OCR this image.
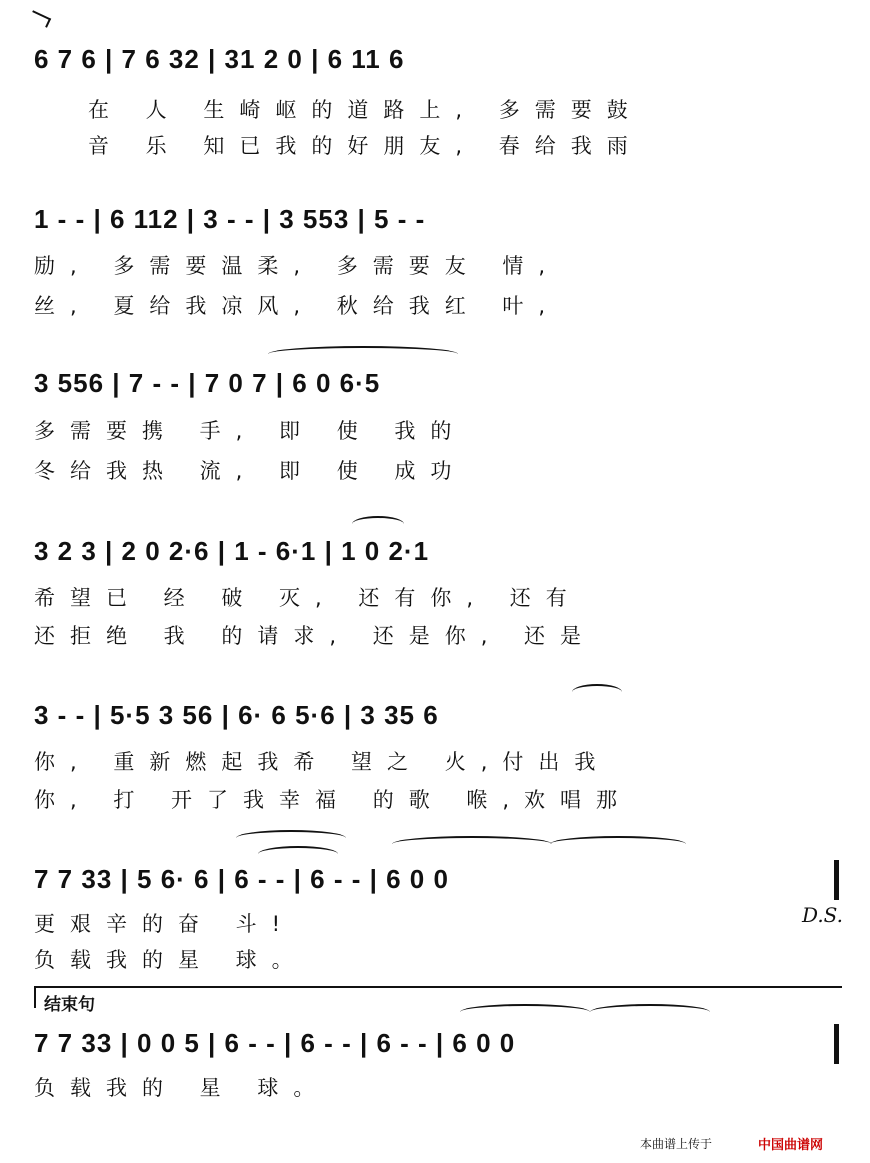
6 7 6 | 7 6 32 | 31 2 0 | 6 11 6
在 人 生崎岖的道路上, 多需要鼓
音 乐 知已我的好朋友, 春给我雨
1 - - | 6 112 | 3 - - | 3 553 | 5 - -
励, 多需要温柔, 多需要友 情,
丝, 夏给我凉风, 秋给我红 叶,
3 556 | 7 - - | 7 0 7 | 6 0 6·5
多需要携 手, 即 使 我的
冬给我热 流, 即 使 成功
3 2 3 | 2 0 2·6 | 1 - 6·1 | 1 0 2·1
希望已 经 破 灭, 还有你, 还有
还拒绝 我 的请求, 还是你, 还是
3 - - | 5·5 3 56 | 6· 6 5·6 | 3 35 6
你, 重新燃起我希 望之 火,付出我
你, 打 开了我幸福 的歌 喉,欢唱那
7 7 33 | 5 6· 6 | 6 - - | 6 - - | 6 0 0
D.S.
更艰辛的奋 斗!
负载我的星 球。
结束句
7 7 33 | 0 0 5 | 6 - - | 6 - - | 6 - - | 6 0 0
负载我的 星 球。
本曲谱上传于	中国曲谱网
